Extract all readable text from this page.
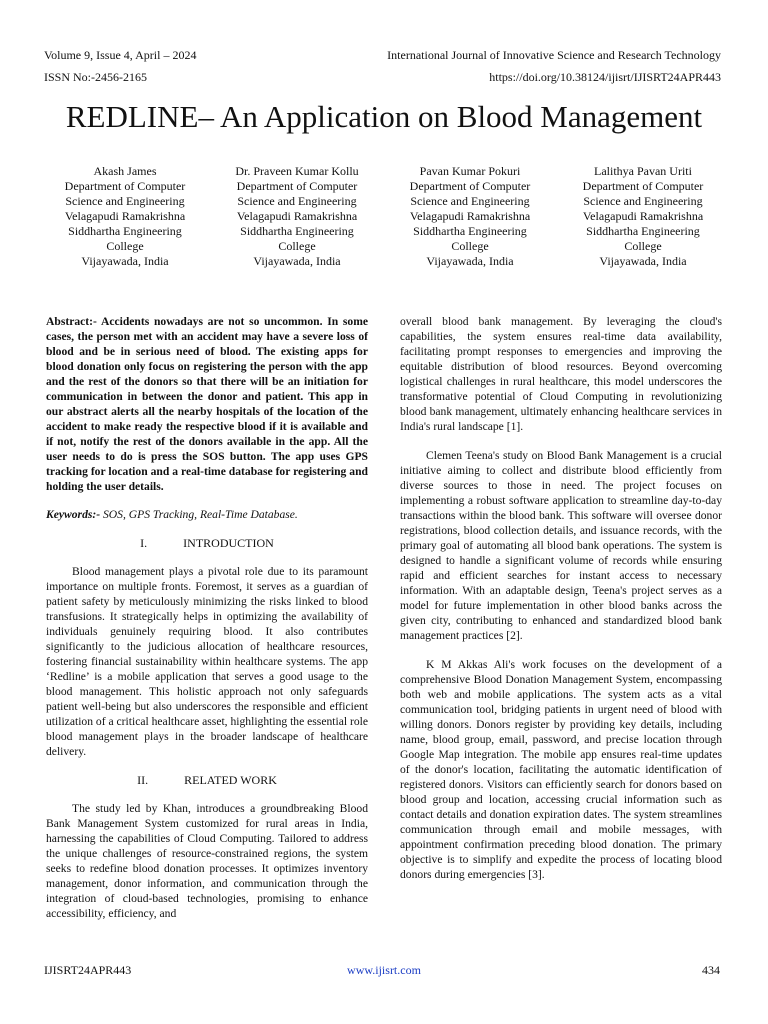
Volume 9, Issue 4, April – 2024
ISSN No:-2456-2165
International Journal of Innovative Science and Research Technology
https://doi.org/10.38124/ijisrt/IJISRT24APR443
REDLINE– An Application on Blood Management
Akash James
Department of Computer
Science and Engineering
Velagapudi Ramakrishna
Siddhartha Engineering
College
Vijayawada, India
Dr. Praveen Kumar Kollu
Department of Computer
Science and Engineering
Velagapudi Ramakrishna
Siddhartha Engineering
College
Vijayawada, India
Pavan Kumar Pokuri
Department of Computer
Science and Engineering
Velagapudi Ramakrishna
Siddhartha Engineering
College
Vijayawada, India
Lalithya Pavan Uriti
Department of Computer
Science and Engineering
Velagapudi Ramakrishna
Siddhartha Engineering
College
Vijayawada, India

Abstract:- Accidents nowadays are not so uncommon. In some cases, the person met with an accident may have a severe loss of blood and be in serious need of blood. The existing apps for blood donation only focus on registering the person with the app and the rest of the donors so that there will be an initiation for communication in between the donor and patient. This app in our abstract alerts all the nearby hospitals of the location of the accident to make ready the respective blood if it is available and if not, notify the rest of the donors available in the app. All the user needs to do is press the SOS button. The app uses GPS tracking for location and a real-time database for registering and holding the user details.

Keywords:- SOS, GPS Tracking, Real-Time Database.

I.	INTRODUCTION

Blood management plays a pivotal role due to its paramount importance on multiple fronts. Foremost, it serves as a guardian of patient safety by meticulously minimizing the risks linked to blood transfusions. It strategically helps in optimizing the availability of individuals genuinely requiring blood. It also contributes significantly to the judicious allocation of healthcare resources, fostering financial sustainability within healthcare systems. The app ‘Redline’ is a mobile application that serves a good usage to the blood management. This holistic approach not only safeguards patient well-being but also underscores the responsible and efficient utilization of a critical healthcare asset, highlighting the essential role blood management plays in the broader landscape of healthcare delivery.

II.	RELATED WORK

The study led by Khan, introduces a groundbreaking Blood Bank Management System customized for rural areas in India, harnessing the capabilities of Cloud Computing. Tailored to address the unique challenges of resource-constrained regions, the system seeks to redefine blood donation processes. It optimizes inventory management, donor information, and communication through the integration of cloud-based technologies, promising to enhance accessibility, efficiency, and

overall blood bank management. By leveraging the cloud's capabilities, the system ensures real-time data availability, facilitating prompt responses to emergencies and improving the equitable distribution of blood resources. Beyond overcoming logistical challenges in rural healthcare, this model underscores the transformative potential of Cloud Computing in revolutionizing blood bank management, ultimately enhancing healthcare services in India's rural landscape [1].

Clemen Teena's study on Blood Bank Management is a crucial initiative aiming to collect and distribute blood efficiently from diverse sources to those in need. The project focuses on implementing a robust software application to streamline day-to-day transactions within the blood bank. This software will oversee donor registrations, blood collection details, and issuance records, with the primary goal of automating all blood bank operations. The system is designed to handle a significant volume of records while ensuring rapid and efficient searches for instant access to necessary information. With an adaptable design, Teena's project serves as a model for future implementation in other blood banks across the given city, contributing to enhanced and standardized blood bank management practices [2].

K M Akkas Ali's work focuses on the development of a comprehensive Blood Donation Management System, encompassing both web and mobile applications. The system acts as a vital communication tool, bridging patients in urgent need of blood with willing donors. Donors register by providing key details, including name, blood group, email, password, and precise location through Google Map integration. The mobile app ensures real-time updates of the donor's location, facilitating the automatic identification of registered donors. Visitors can efficiently search for donors based on blood group and location, accessing crucial information such as contact details and donation expiration dates. The system streamlines communication through email and mobile messages, with appointment confirmation preceding blood donation. The primary objective is to simplify and expedite the process of locating blood donors during emergencies [3].

IJISRT24APR443	www.ijisrt.com	434
